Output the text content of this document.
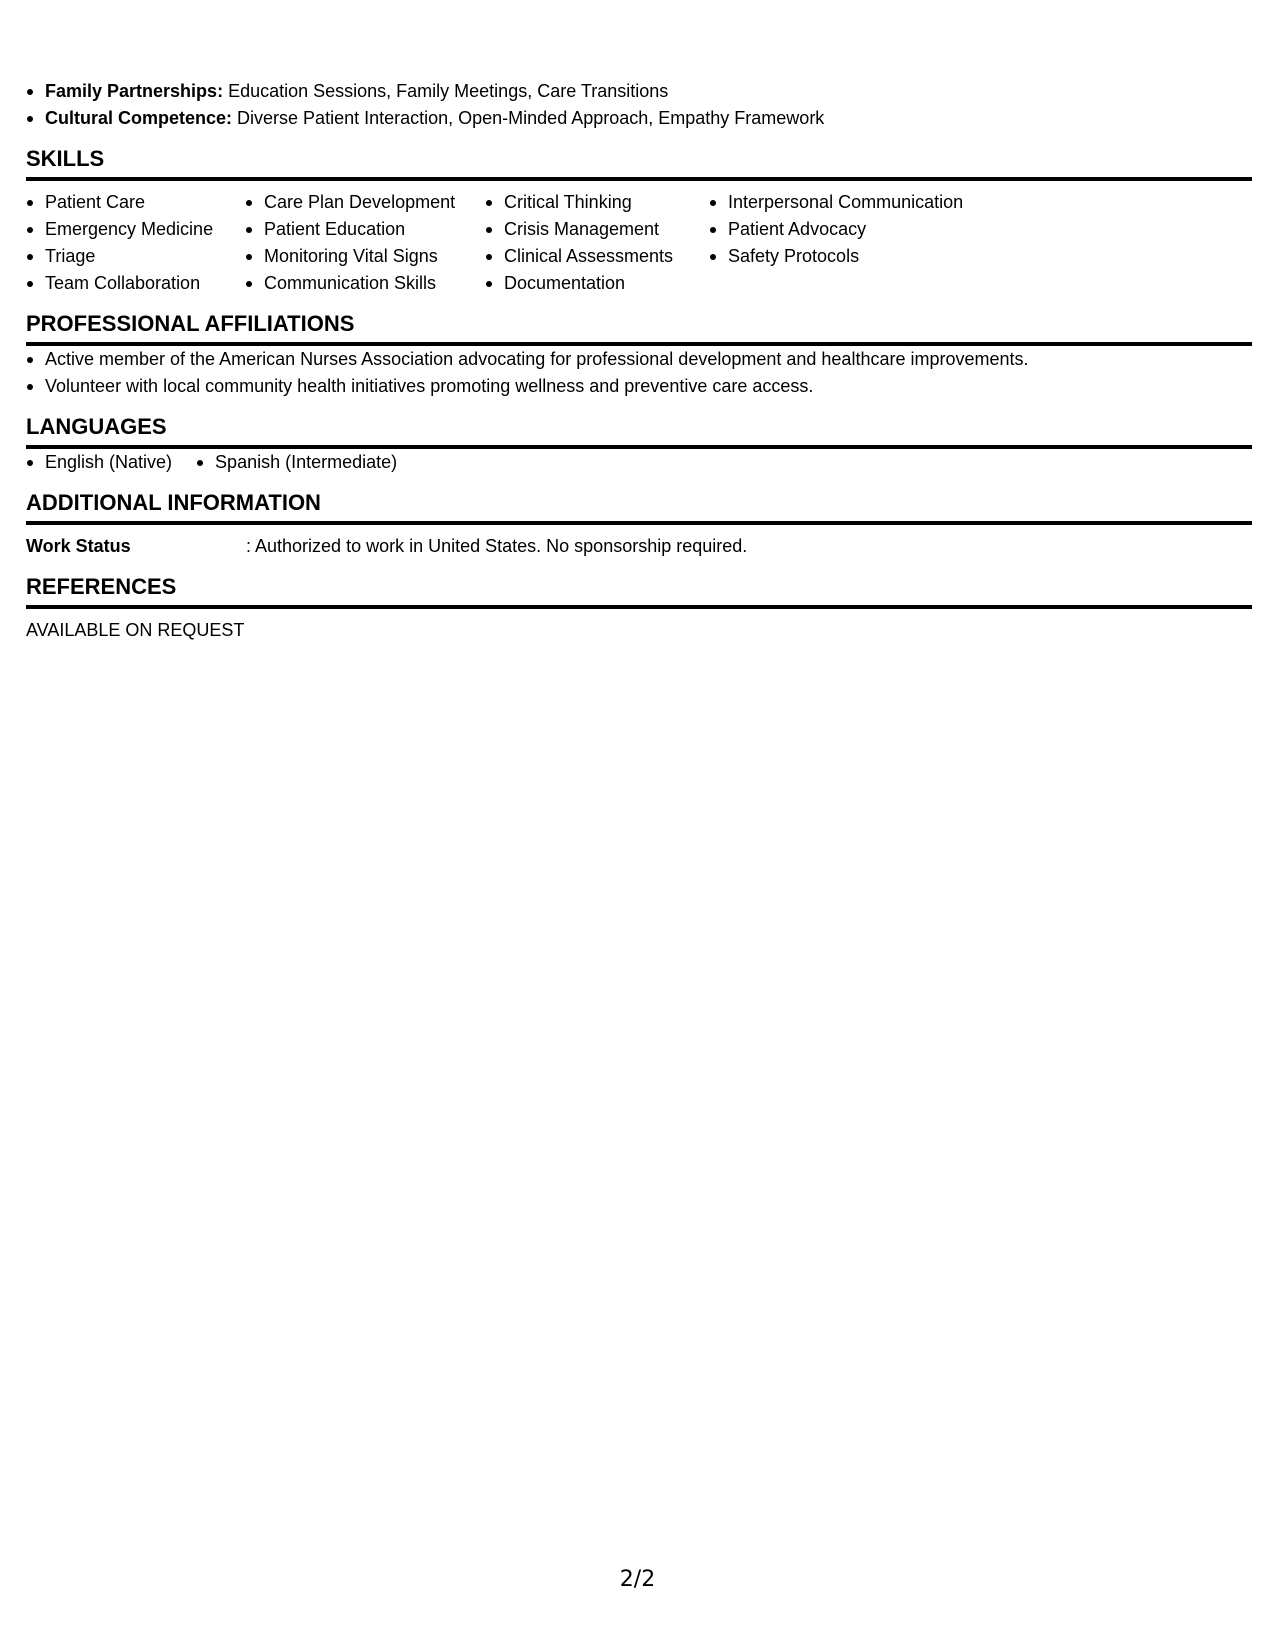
Family Partnerships: Education Sessions, Family Meetings, Care Transitions
Cultural Competence: Diverse Patient Interaction, Open-Minded Approach, Empathy Framework
SKILLS
Patient Care
Emergency Medicine
Triage
Team Collaboration
Care Plan Development
Patient Education
Monitoring Vital Signs
Communication Skills
Critical Thinking
Crisis Management
Clinical Assessments
Documentation
Interpersonal Communication
Patient Advocacy
Safety Protocols
PROFESSIONAL AFFILIATIONS
Active member of the American Nurses Association advocating for professional development and healthcare improvements.
Volunteer with local community health initiatives promoting wellness and preventive care access.
LANGUAGES
English (Native)	Spanish (Intermediate)
ADDITIONAL INFORMATION
Work Status	: Authorized to work in United States. No sponsorship required.
REFERENCES
AVAILABLE ON REQUEST
2/2
